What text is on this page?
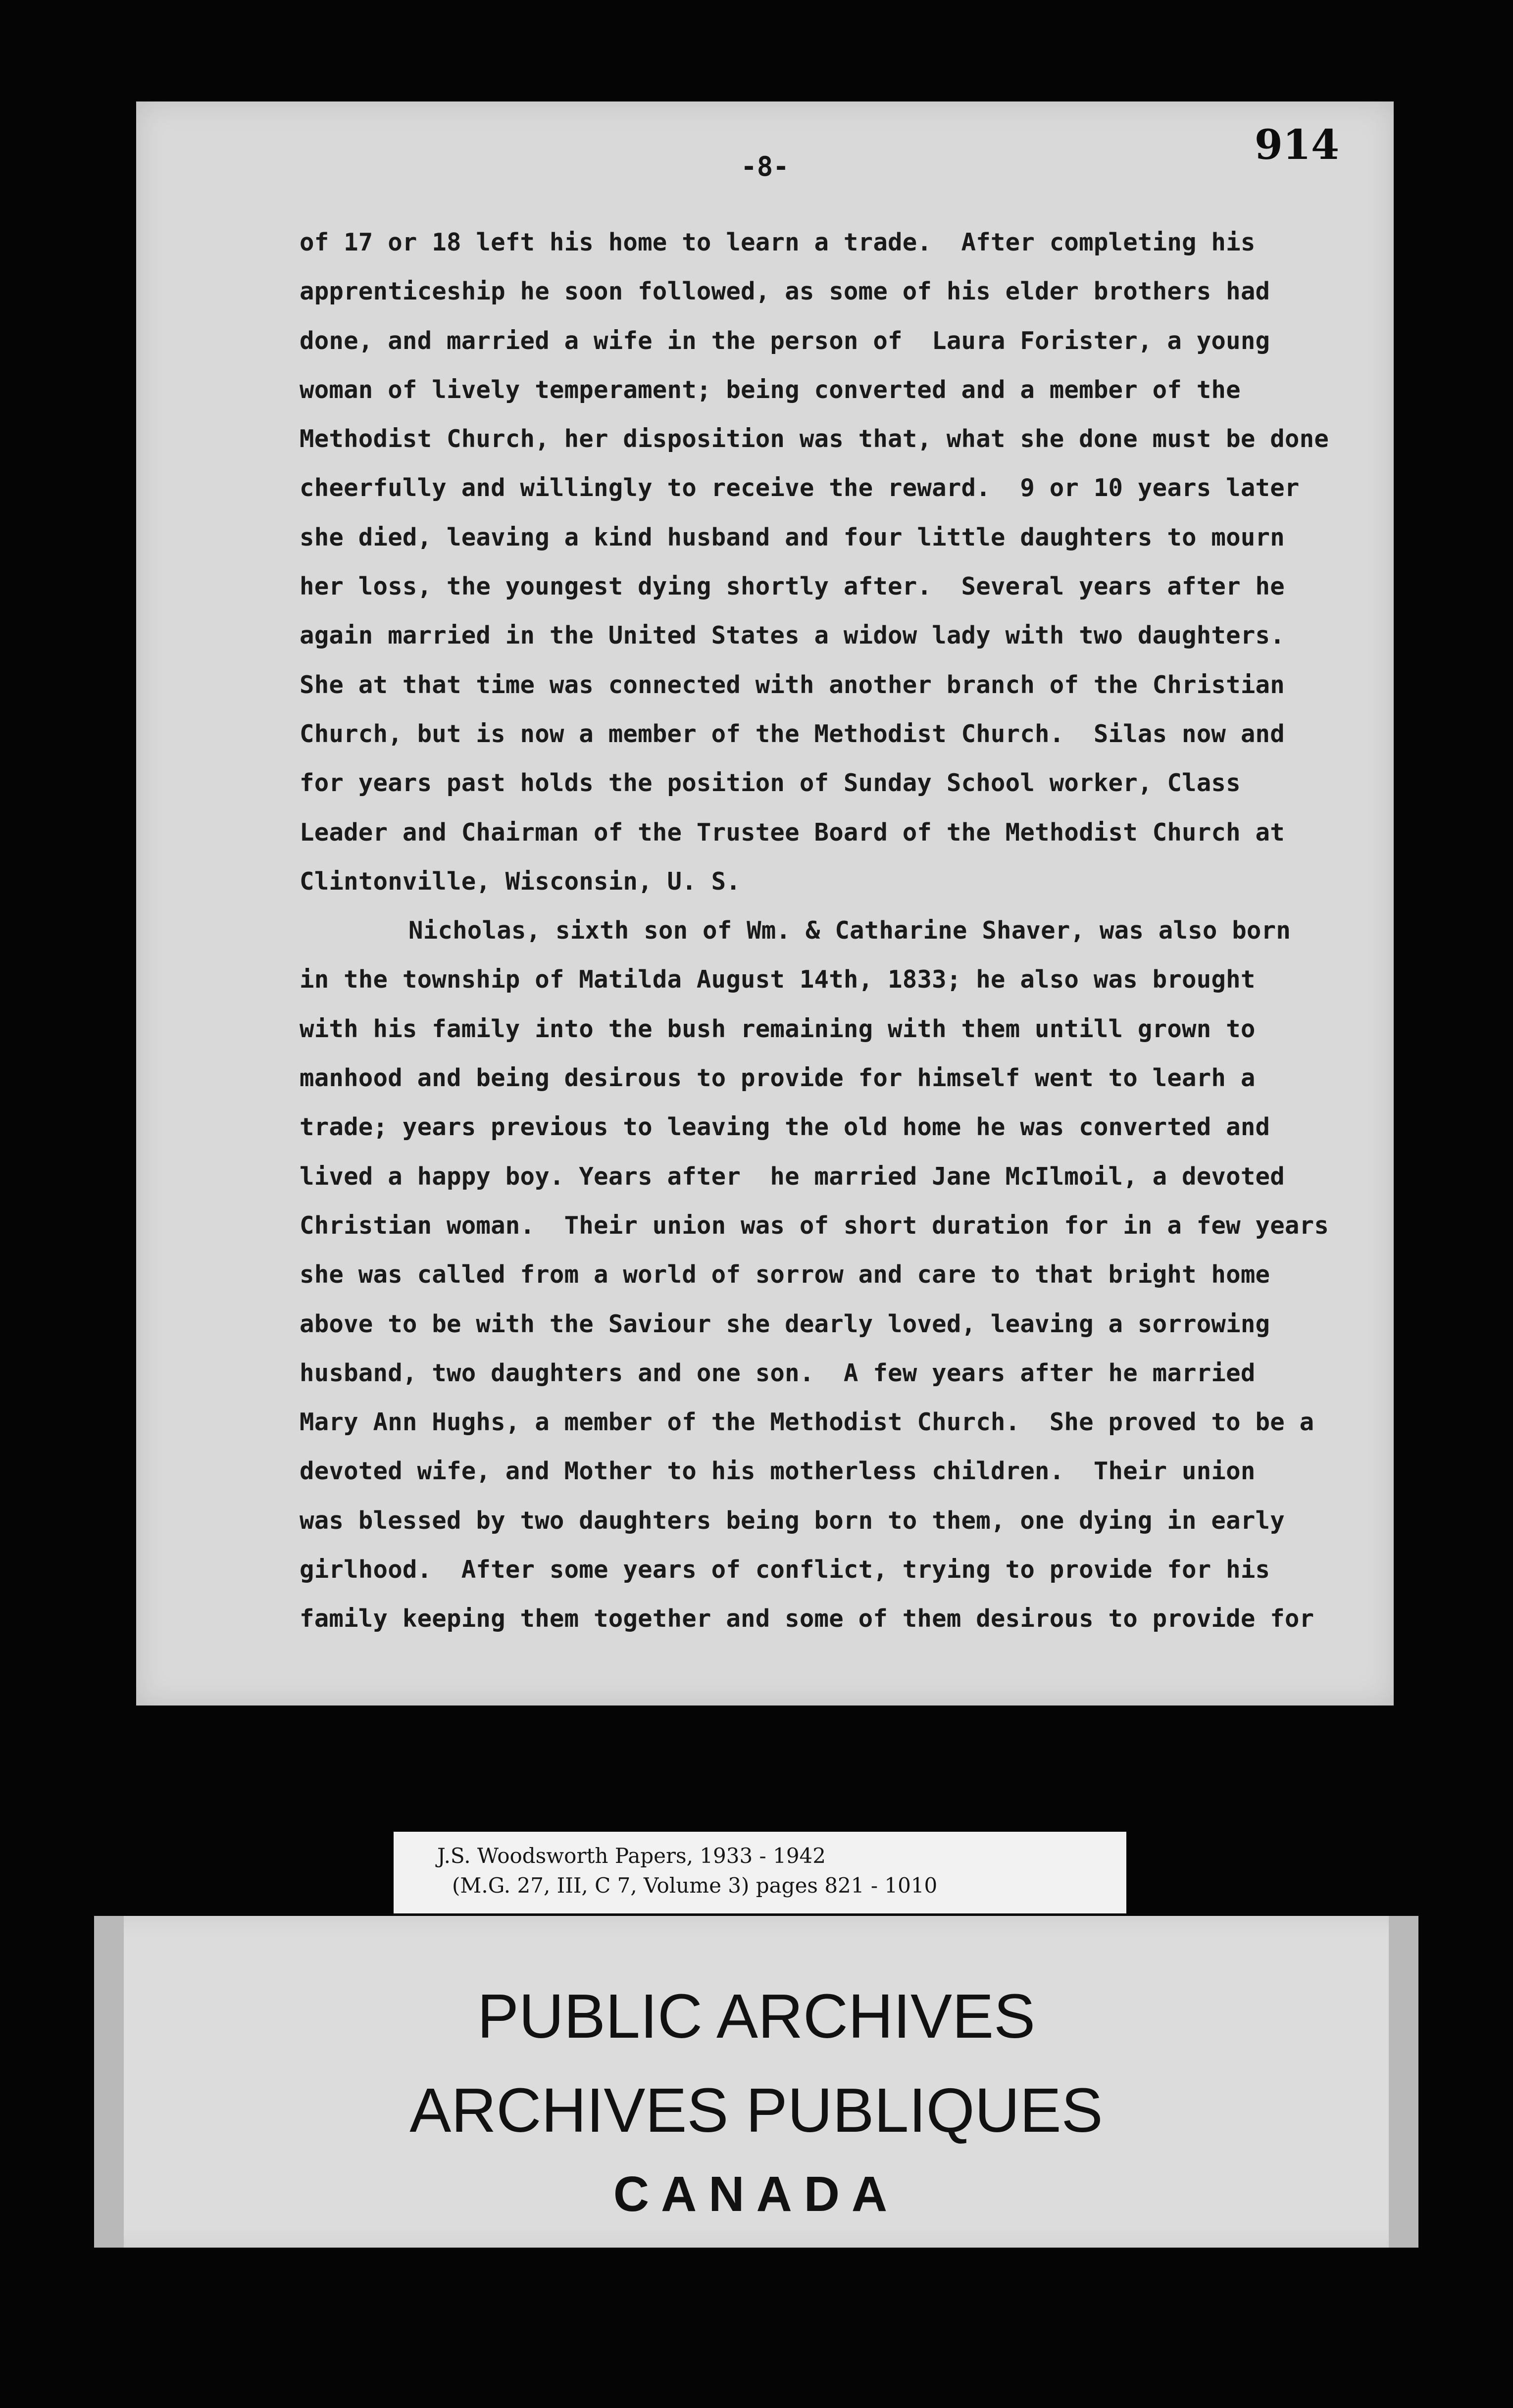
914
-8-
of 17 or 18 left his home to learn a trade.  After completing his
apprenticeship he soon followed, as some of his elder brothers had
done, and married a wife in the person of  Laura Forister, a young
woman of lively temperament; being converted and a member of the
Methodist Church, her disposition was that, what she done must be done
cheerfully and willingly to receive the reward.  9 or 10 years later
she died, leaving a kind husband and four little daughters to mourn
her loss, the youngest dying shortly after.  Several years after he
again married in the United States a widow lady with two daughters.
She at that time was connected with another branch of the Christian
Church, but is now a member of the Methodist Church.  Silas now and
for years past holds the position of Sunday School worker, Class
Leader and Chairman of the Trustee Board of the Methodist Church at
Clintonville, Wisconsin, U. S.
Nicholas, sixth son of Wm. & Catharine Shaver, was also born
in the township of Matilda August 14th, 1833; he also was brought
with his family into the bush remaining with them untill grown to
manhood and being desirous to provide for himself went to learh a
trade; years previous to leaving the old home he was converted and
lived a happy boy. Years after  he married Jane McIlmoil, a devoted
Christian woman.  Their union was of short duration for in a few years
she was called from a world of sorrow and care to that bright home
above to be with the Saviour she dearly loved, leaving a sorrowing
husband, two daughters and one son.  A few years after he married
Mary Ann Hughs, a member of the Methodist Church.  She proved to be a
devoted wife, and Mother to his motherless children.  Their union
was blessed by two daughters being born to them, one dying in early
girlhood.  After some years of conflict, trying to provide for his
family keeping them together and some of them desirous to provide for
J.S. Woodsworth Papers, 1933 - 1942
(M.G. 27, III, C 7, Volume 3) pages 821 - 1010
PUBLIC ARCHIVES
ARCHIVES PUBLIQUES
CANADA
